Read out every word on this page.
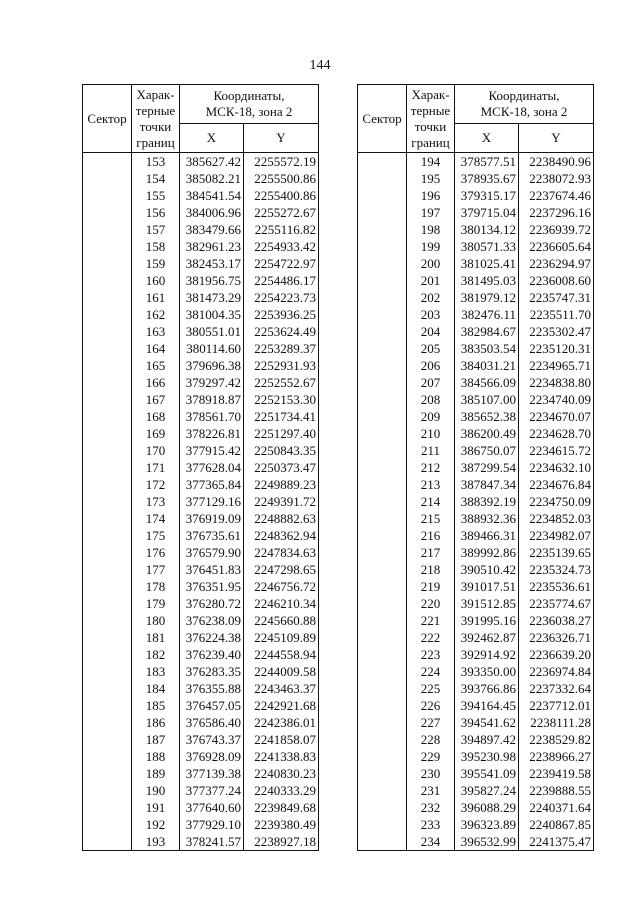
144
Сектор	Харак-
терные
точки
границ	Координаты,
МСК-18, зона 2	

		X	Y
	153	385627.42	2255572.19
	154	385082.21	2255500.86
	155	384541.54	2255400.86
	156	384006.96	2255272.67
	157	383479.66	2255116.82
	158	382961.23	2254933.42
	159	382453.17	2254722.97
	160	381956.75	2254486.17
	161	381473.29	2254223.73
	162	381004.35	2253936.25
	163	380551.01	2253624.49
	164	380114.60	2253289.37
	165	379696.38	2252931.93
	166	379297.42	2252552.67
	167	378918.87	2252153.30
	168	378561.70	2251734.41
	169	378226.81	2251297.40
	170	377915.42	2250843.35
	171	377628.04	2250373.47
	172	377365.84	2249889.23
	173	377129.16	2249391.72
	174	376919.09	2248882.63
	175	376735.61	2248362.94
	176	376579.90	2247834.63
	177	376451.83	2247298.65
	178	376351.95	2246756.72
	179	376280.72	2246210.34
	180	376238.09	2245660.88
	181	376224.38	2245109.89
	182	376239.40	2244558.94
	183	376283.35	2244009.58
	184	376355.88	2243463.37
	185	376457.05	2242921.68
	186	376586.40	2242386.01
	187	376743.37	2241858.07
	188	376928.09	2241338.83
	189	377139.38	2240830.23
	190	377377.24	2240333.29
	191	377640.60	2239849.68
	192	377929.10	2239380.49
	193	378241.57	2238927.18
Сектор	Харак-
терные
точки
границ	Координаты,
МСК-18, зона 2	

		X	Y
	194	378577.51	2238490.96
	195	378935.67	2238072.93
	196	379315.17	2237674.46
	197	379715.04	2237296.16
	198	380134.12	2236939.72
	199	380571.33	2236605.64
	200	381025.41	2236294.97
	201	381495.03	2236008.60
	202	381979.12	2235747.31
	203	382476.11	2235511.70
	204	382984.67	2235302.47
	205	383503.54	2235120.31
	206	384031.21	2234965.71
	207	384566.09	2234838.80
	208	385107.00	2234740.09
	209	385652.38	2234670.07
	210	386200.49	2234628.70
	211	386750.07	2234615.72
	212	387299.54	2234632.10
	213	387847.34	2234676.84
	214	388392.19	2234750.09
	215	388932.36	2234852.03
	216	389466.31	2234982.07
	217	389992.86	2235139.65
	218	390510.42	2235324.73
	219	391017.51	2235536.61
	220	391512.85	2235774.67
	221	391995.16	2236038.27
	222	392462.87	2236326.71
	223	392914.92	2236639.20
	224	393350.00	2236974.84
	225	393766.86	2237332.64
	226	394164.45	2237712.01
	227	394541.62	2238111.28
	228	394897.42	2238529.82
	229	395230.98	2238966.27
	230	395541.09	2239419.58
	231	395827.24	2239888.55
	232	396088.29	2240371.64
	233	396323.89	2240867.85
	234	396532.99	2241375.47
